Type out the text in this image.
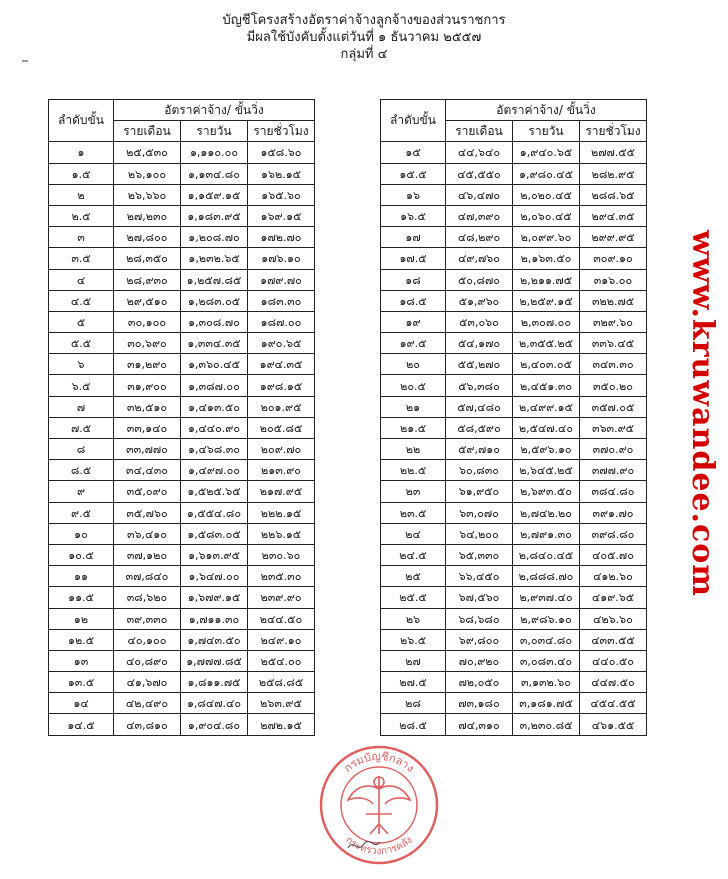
บัญชีโครงสร้างอัตราค่าจ้างลูกจ้างของส่วนราชการ
มีผลใช้บังคับตั้งแต่วันที่ ๑ ธันวาคม ๒๕๕๗
กลุ่มที่ ๔
ลำดับขั้น	อัตราค่าจ้าง/ ขั้นวิ่ง		
	รายเดือน	รายวัน	รายชั่วโมง
๑	๒๕,๕๓๐	๑,๑๑๐.๐๐	๑๕๘.๖๐
๑.๕	๒๖,๑๐๐	๑,๑๓๔.๘๐	๑๖๒.๑๕
๒	๒๖,๖๖๐	๑,๑๕๙.๑๕	๑๖๕.๖๐
๒.๕	๒๗,๒๓๐	๑,๑๘๓.๙๕	๑๖๙.๑๕
๓	๒๗,๘๐๐	๑,๒๐๘.๗๐	๑๗๒.๗๐
๓.๕	๒๘,๓๕๐	๑,๒๓๒.๖๕	๑๗๖.๑๐
๔	๒๘,๙๓๐	๑,๒๕๗.๘๕	๑๗๙.๗๐
๔.๕	๒๙,๕๑๐	๑,๒๘๓.๐๕	๑๘๓.๓๐
๕	๓๐,๑๐๐	๑,๓๐๘.๗๐	๑๘๗.๐๐
๕.๕	๓๐,๖๙๐	๑,๓๓๔.๓๕	๑๙๐.๖๕
๖	๓๑,๒๙๐	๑,๓๖๐.๔๕	๑๙๔.๓๕
๖.๕	๓๑,๙๐๐	๑,๓๘๗.๐๐	๑๙๘.๑๕
๗	๓๒,๕๑๐	๑,๔๑๓.๕๐	๒๐๑.๙๕
๗.๕	๓๓,๑๔๐	๑,๔๔๐.๙๐	๒๐๕.๘๕
๘	๓๓,๗๗๐	๑,๔๖๘.๓๐	๒๐๙.๗๐
๘.๕	๓๔,๔๓๐	๑,๔๙๗.๐๐	๒๑๓.๙๐
๙	๓๕,๐๙๐	๑,๕๒๕.๖๕	๒๑๗.๙๕
๙.๕	๓๕,๗๖๐	๑,๕๕๔.๘๐	๒๒๒.๑๕
๑๐	๓๖,๔๑๐	๑,๕๘๓.๐๕	๒๒๖.๑๕
๑๐.๕	๓๗,๑๒๐	๑,๖๑๓.๙๕	๒๓๐.๖๐
๑๑	๓๗,๘๔๐	๑,๖๔๗.๐๐	๒๓๕.๓๐
๑๑.๕	๓๘,๖๒๐	๑,๖๗๙.๑๕	๒๓๙.๙๐
๑๒	๓๙,๓๓๐	๑,๗๑๑.๓๐	๒๔๔.๕๐
๑๒.๕	๔๐,๑๐๐	๑,๗๔๓.๕๐	๒๔๙.๑๐
๑๓	๔๐,๘๙๐	๑,๗๗๗.๘๕	๒๕๔.๐๐
๑๓.๕	๔๑,๖๗๐	๑,๘๑๑.๗๕	๒๕๘.๘๕
๑๔	๔๒,๔๙๐	๑,๘๔๗.๔๐	๒๖๓.๙๕
๑๔.๕	๔๓,๘๑๐	๑,๙๐๔.๘๐	๒๗๒.๑๕
ลำดับขั้น	อัตราค่าจ้าง/ ขั้นวิ่ง		
	รายเดือน	รายวัน	รายชั่วโมง
๑๕	๔๔,๖๔๐	๑,๙๔๐.๖๕	๒๗๗.๕๕
๑๕.๕	๔๕,๕๕๐	๑,๙๘๐.๔๕	๒๘๒.๙๕
๑๖	๔๖,๔๗๐	๒,๐๒๐.๔๕	๒๘๘.๖๕
๑๖.๕	๔๗,๓๙๐	๒,๐๖๐.๔๕	๒๙๔.๓๕
๑๗	๔๘,๒๙๐	๒,๐๙๙.๖๐	๒๙๙.๙๕
๑๗.๕	๔๙,๗๖๐	๒,๑๖๓.๕๐	๓๐๙.๑๐
๑๘	๕๐,๘๗๐	๒,๒๑๑.๗๕	๓๑๖.๐๐
๑๘.๕	๕๑,๙๖๐	๒,๒๕๙.๑๕	๓๒๒.๗๕
๑๙	๕๓,๐๖๐	๒,๓๐๗.๐๐	๓๒๙.๖๐
๑๙.๕	๕๔,๑๗๐	๒,๓๕๕.๒๕	๓๓๖.๔๕
๒๐	๕๕,๒๗๐	๒,๔๐๓.๐๕	๓๔๓.๓๐
๒๐.๕	๕๖,๓๘๐	๒,๔๕๑.๓๐	๓๕๐.๒๐
๒๑	๕๗,๔๘๐	๒,๔๙๙.๑๕	๓๕๗.๐๕
๒๑.๕	๕๘,๕๙๐	๒,๕๔๗.๔๐	๓๖๓.๙๕
๒๒	๕๙,๗๑๐	๒,๕๙๖.๑๐	๓๗๐.๙๐
๒๒.๕	๖๐,๘๓๐	๒,๖๔๕.๒๕	๓๗๗.๙๐
๒๓	๖๑,๙๕๐	๒,๖๙๓.๕๐	๓๘๔.๘๐
๒๓.๕	๖๓,๐๗๐	๒,๗๔๒.๒๐	๓๙๑.๗๐
๒๔	๖๔,๒๐๐	๒,๗๙๑.๓๐	๓๙๘.๘๐
๒๔.๕	๖๕,๓๓๐	๒,๘๔๐.๔๕	๔๐๕.๗๐
๒๕	๖๖,๔๕๐	๒,๘๘๘.๗๐	๔๑๒.๖๐
๒๕.๕	๖๗,๕๖๐	๒,๙๓๗.๔๐	๔๑๙.๖๕
๒๖	๖๘,๖๘๐	๒,๙๘๖.๑๐	๔๒๖.๖๐
๒๖.๕	๖๙,๘๐๐	๓,๐๓๔.๘๐	๔๓๓.๕๕
๒๗	๗๐,๙๒๐	๓,๐๘๓.๔๐	๔๔๐.๕๐
๒๗.๕	๗๒,๐๕๐	๓,๑๓๒.๖๐	๔๔๗.๕๐
๒๘	๗๓,๑๘๐	๓,๑๘๑.๗๕	๔๕๔.๕๕
๒๘.๕	๗๔,๓๑๐	๓,๒๓๐.๘๕	๔๖๑.๕๕
www.kruwandee.com
กรมบัญชีกลาง
กระทรวงการคลัง
